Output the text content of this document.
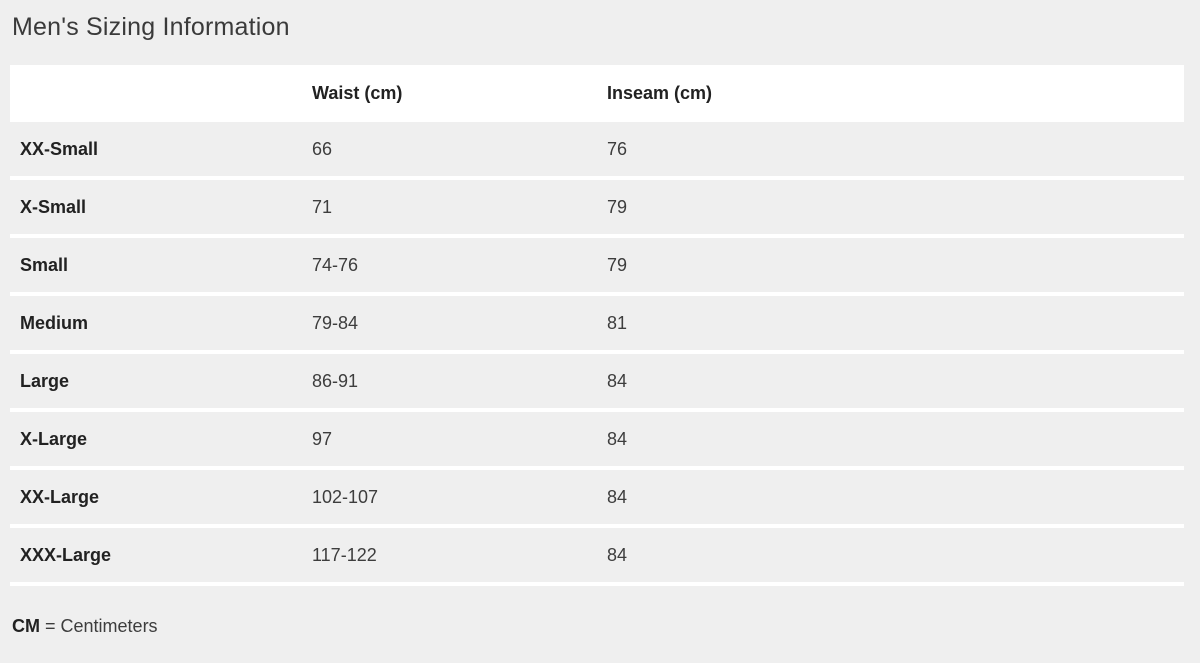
Men's Sizing Information
	Waist (cm)	Inseam (cm)
XX-Small	66	76
X-Small	71	79
Small	74-76	79
Medium	79-84	81
Large	86-91	84
X-Large	97	84
XX-Large	102-107	84
XXX-Large	117-122	84

CM = Centimeters
